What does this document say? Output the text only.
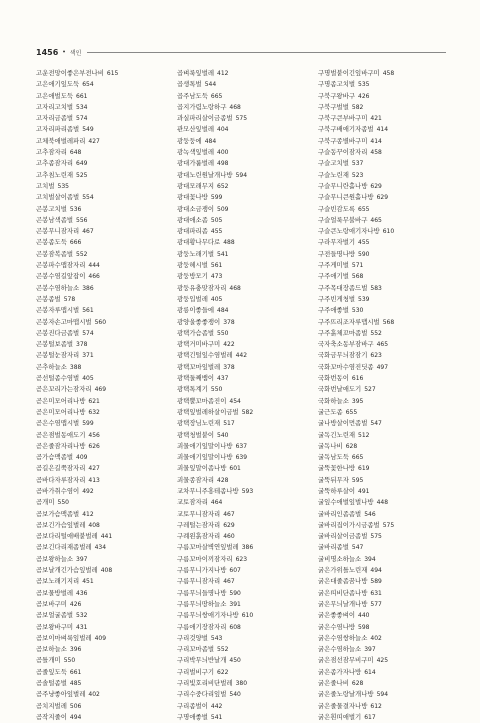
1456 • 색인
고운전망이좋은부전나비 615
고은애기잎도둑 654
고은애벌도둑 661
고자리고치벌 534
고자리금좀벌 574
고자리파리좀벌 549
고체북애벌레파리 427
고추잠자리 648
고추좀잠자리 649
고추침노린재 525
고치벌 535
고치벌살이좀벌 554
곤봉고치벌 536
곤봉남색좀벌 556
곤봉무니잠자리 467
곤봉좀도둑 666
곤봉잠복좀벌 552
곤봉파수맵잠자리 444
곤봉수염길앞잡이 466
곤봉수염하늘소 386
곤봉좀벌 578
곤봉자루맵시벌 561
곤봉자손고마맵시벌 560
곤봉진다금좀벌 574
곤봉털보좀벌 378
곤봉털눈잠자리 371
곤추하늘소 388
곧선털좀수염벌 405
곧은꼬리가는잠자리 469
곧은미모어리나방 621
곧은미모어리나방 632
곧은수염맵시벌 599
곧은점벌동애도기 456
곧은줄잠자리나방 626
곰가슴맥좀벌 409
곰길은길쭉잠자리 427
곰바다자루잠자리 413
곰바가취수염이 492
곰개미 550
곰보가슴맥좀벌 412
곰보긴가슴잎벌레 408
곰보다리털애배붙벌레 441
곰보긴다리재좀벌레 434
곰보왕하늘소 397
곰보날개긴가슴잎벌레 408
곰보노래기지리 451
곰보물방벌레 436
곰보바구미 426
곰보얼굴좀벌 532
곰보왕바구미 431
곰보이마벼룩잎벌레 409
곰보하늘소 396
곰틀개미 550
곰줄잎도둑 661
곰솔털좀벌 485
곰주냥좋아잎벌레 402
곰치지벌레 506
곰작지줄이 494
곱벼룩잎벌레 412
곱생톡벌 544
곱주남도둑 665
곱지가렴노랑하구 468
과실파리살이금좀벌 575
관모산잎벌레 404
광둥둥에 484
광녹색잎벌레 400
광대가룹벌레 498
광대노린원날개나방 594
광대모래무지 652
광대꽃나방 599
광대소금쟁이 509
광대애소좀 505
광대파리좀 455
광대황나무다로 488
광둥노래기벌 541
광둥헤시벌 561
광둥방모기 473
광둥유충맞잠자리 468
광둥입벌레 405
광릉이좋들에 484
광양울좋좋쟁이 378
광택가슴좀벌 550
광택거미바구미 422
광택긴털잎수염벌레 442
광택꼬마잎벌레 378
광택둘째뱀이 437
광택톡계기 550
광택뿔꼬마좀진이 454
광택잎벌레하살이금벌 582
광택장님노린재 517
광택청벌붙이 540
괴물애기잎말이나방 637
괴물애기잎말이나방 639
괴물잎말이좀나방 601
괴물종잠자리 428
교차무니주홍테좀나방 593
교토잠자리 464
교토무니잠자리 467
구레털는잠자리 629
구례왼흙잠자리 460
구름꼬마살벽연잎벌레 386
구름꼬마이끼잠자리 623
구름무니가지나방 607
구름무니잠자리 467
구름무늬들명나방 590
구름무늬땅하늘소 391
구름무늬쌍애기자나방 610
구름애기장잠자리 608
구리것양벌 543
구리꼬마좀벌 552
구리박무늬반날개 450
구리벌비구기 622
구리빛호리비단벌레 380
구리수중다리잎벌 540
구리좀벌이 442
구명애좋벌 541
구명벌붙이긴잎바구미 458
구명좀고치벌 535
구북구왕바구 426
구북구벌벌 582
구북구큰부바구미 421
구북구배애기자좀벌 414
구북구종별바구미 414
구슬동꾸이잠자리 458
구슬고치벌 537
구슬노린재 523
구슬무니란홀나방 629
구슬무니큰원홀나방 629
구슬빈감도록 655
구슬얼룩무불바구 465
구슬큰노랑애기자나방 610
구라무자벌기 455
구전들명나방 590
구주게미벌 571
구주애기벌 568
구주목대장좀드벌 583
구주빈게청벌 539
구주애좋벌 530
구주뜨리조자루맵시벌 568
구주흙체꼬마좀벌 552
국자축소동부잠바구 465
국화금무늬잠잠기 623
국화꼬마수염진딧좀 497
국화번동이 616
국화번날애도기 527
국화하늘소 395
굴근도좀 655
굴나방살이먼좀벌 547
굴독긴노린재 512
굴독나비 628
굴독남도둑 665
굴뚝꽃한나방 619
굴뚝뒤무자 595
굴뚝하루살이 491
굴잎수애벌잎벌나방 448
굴바리인좀좀벌 546
굴바리집이가시금좀벌 575
굴바리살이금좀벌 575
굴바리좀벌 547
굴비명소하늘소 394
굵은가위틀노린재 494
굵은대줄좀꿈나방 589
굵은띠비단좀나방 631
굵은무늬날개나방 577
굵은좋좋벼이 440
굵은수염나방 598
굵은수염쌍하늘소 402
굵은수염하늘소 397
굵은점선잠무비구미 425
굵은좀가자나방 614
굵은줄나비 628
굵은줄노랑날개나방 594
굵은줄물결자나방 612
굵은흰띠애벌기 617
